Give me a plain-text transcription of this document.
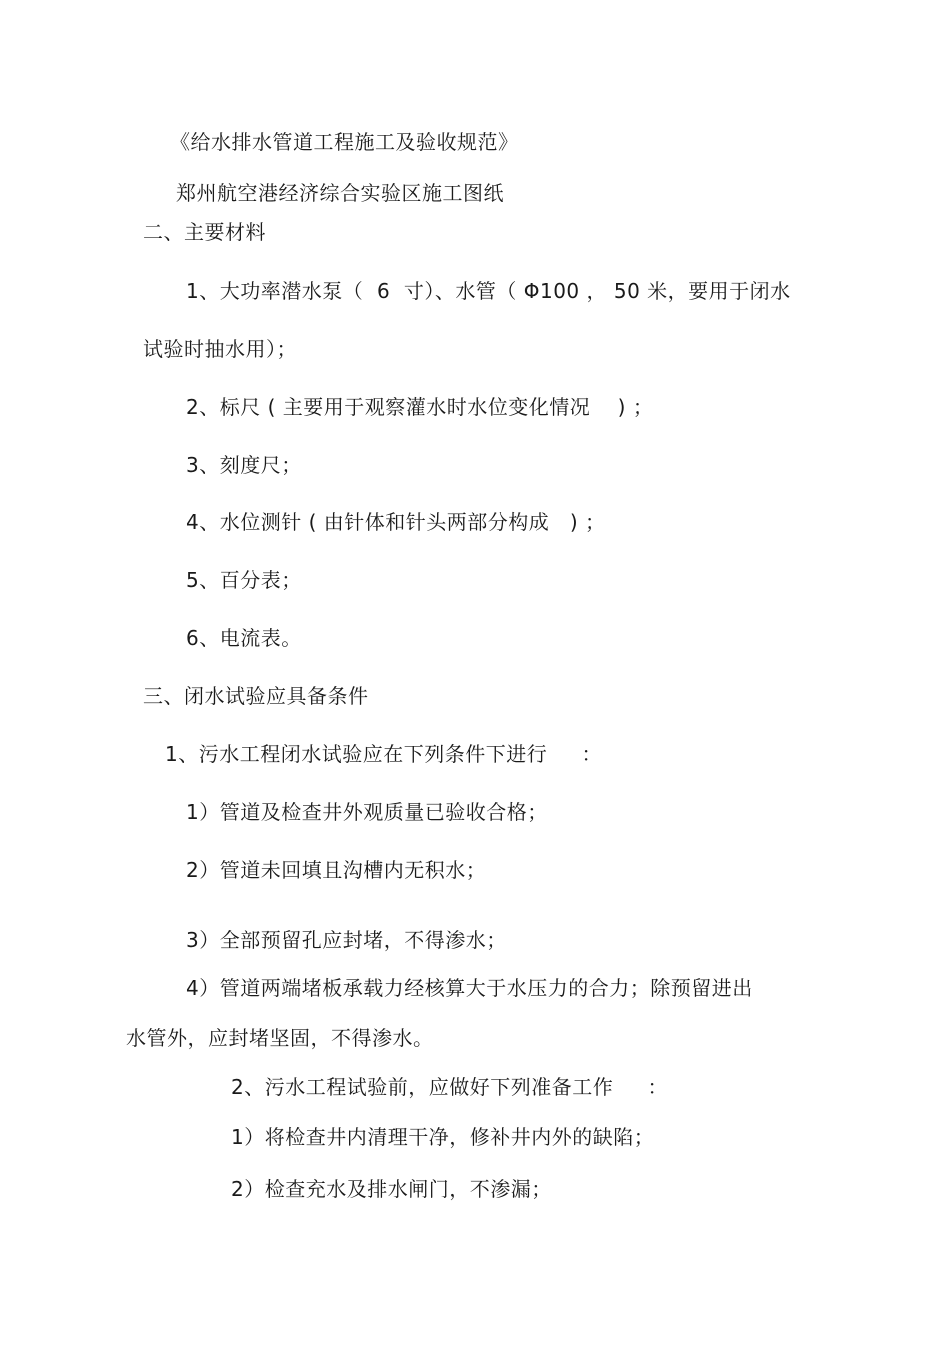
《给水排水管道工程施工及验收规范》
郑州航空港经济综合实验区施工图纸
二、主要材料
1、大功率潜水泵（  6  寸）、水管（ Φ100 ， 50 米，要用于闭水
试验时抽水用）；
2、标尺 ( 主要用于观察灌水时水位变化情况    ) ；
3、刻度尺；
4、水位测针 ( 由针体和针头两部分构成   ) ；
5、百分表；
6、电流表。
三、闭水试验应具备条件
1、污水工程闭水试验应在下列条件下进行     ：
1）管道及检查井外观质量已验收合格；
2）管道未回填且沟槽内无积水；
3）全部预留孔应封堵，不得渗水；
4）管道两端堵板承载力经核算大于水压力的合力；除预留进出
水管外，应封堵坚固，不得渗水。
2、污水工程试验前，应做好下列准备工作     ：
1）将检查井内清理干净，修补井内外的缺陷；
2）检查充水及排水闸门，不渗漏；
